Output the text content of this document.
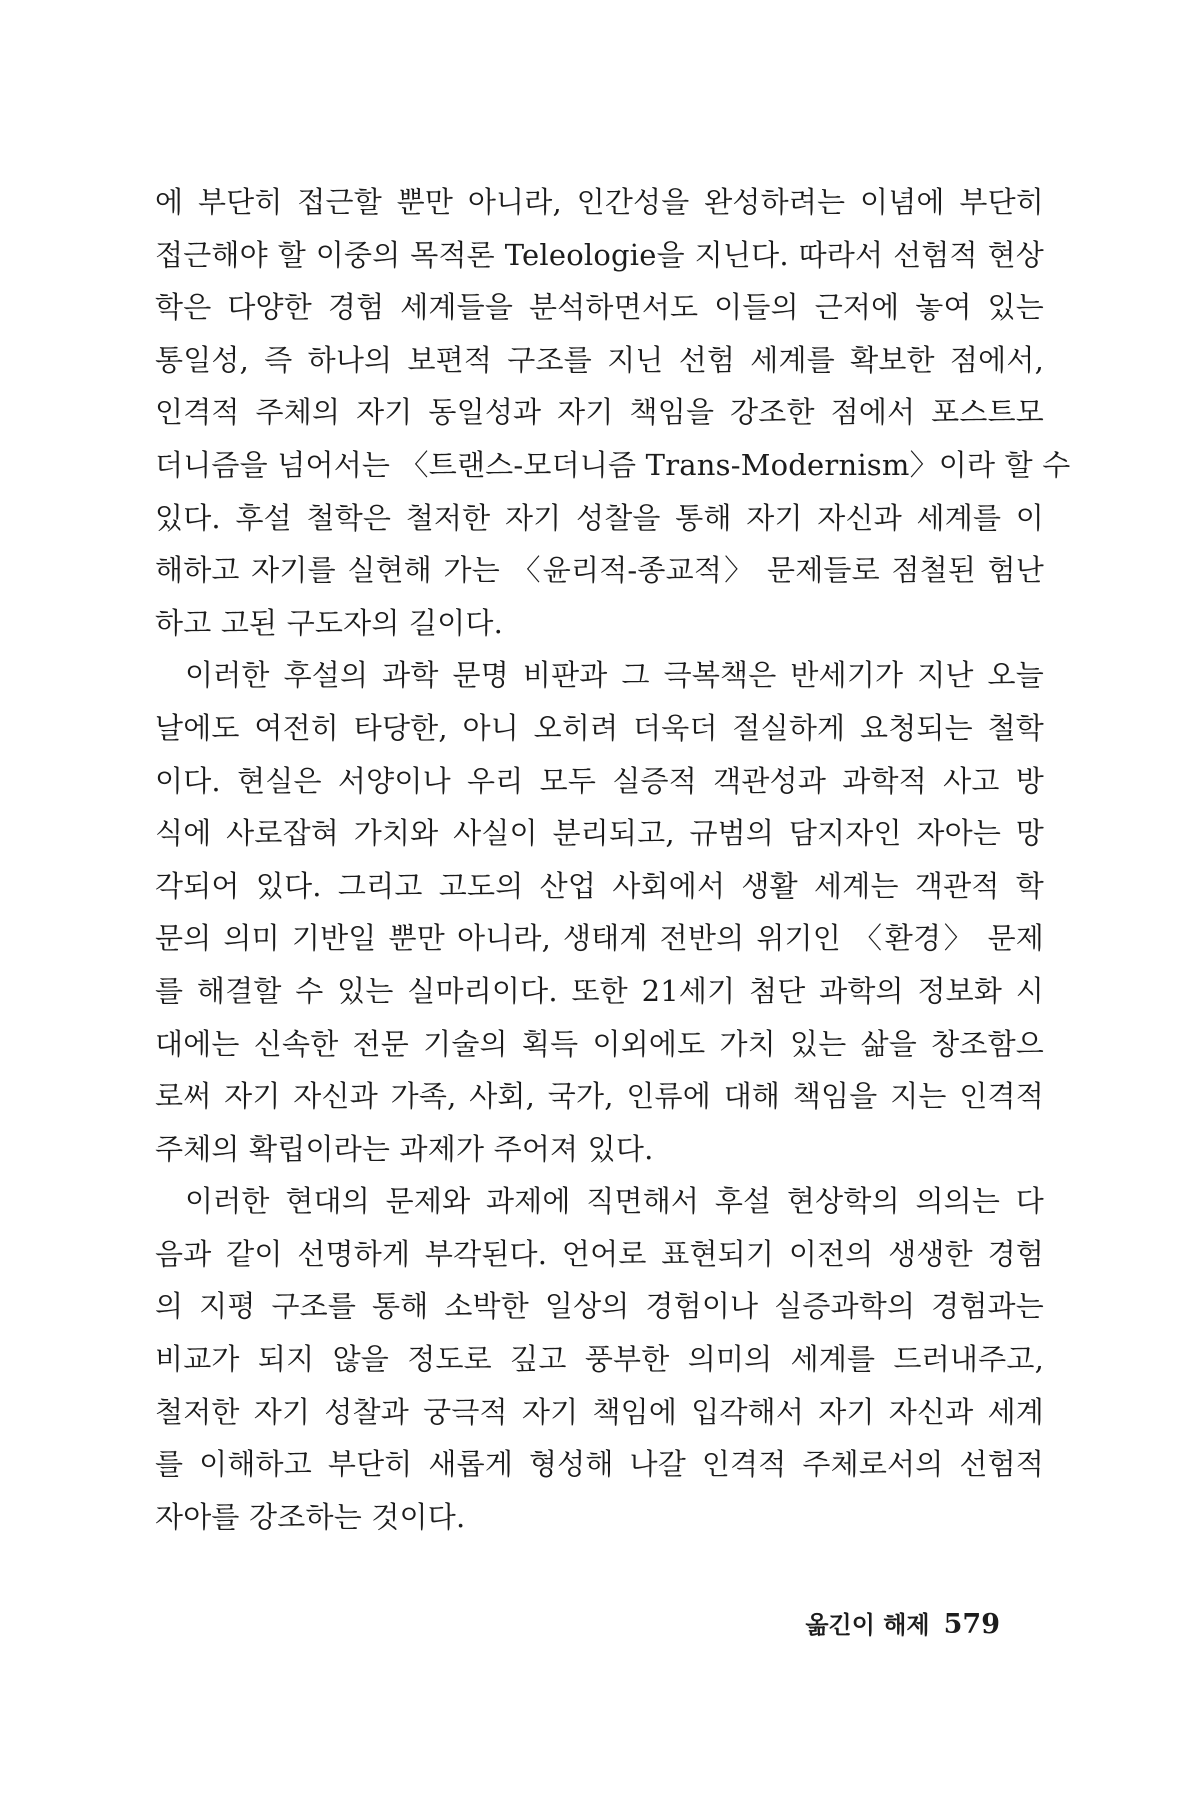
에 부단히 접근할 뿐만 아니라, 인간성을 완성하려는 이념에 부단히
접근해야 할 이중의 목적론 Teleologie을 지닌다. 따라서 선험적 현상
학은 다양한 경험 세계들을 분석하면서도 이들의 근저에 놓여 있는
통일성, 즉 하나의 보편적 구조를 지닌 선험 세계를 확보한 점에서,
인격적 주체의 자기 동일성과 자기 책임을 강조한 점에서 포스트모
더니즘을 넘어서는 〈트랜스-모더니즘 Trans-Modernism〉이라 할 수
있다. 후설 철학은 철저한 자기 성찰을 통해 자기 자신과 세계를 이
해하고 자기를 실현해 가는 〈윤리적-종교적〉 문제들로 점철된 험난
하고 고된 구도자의 길이다.
이러한 후설의 과학 문명 비판과 그 극복책은 반세기가 지난 오늘
날에도 여전히 타당한, 아니 오히려 더욱더 절실하게 요청되는 철학
이다. 현실은 서양이나 우리 모두 실증적 객관성과 과학적 사고 방
식에 사로잡혀 가치와 사실이 분리되고, 규범의 담지자인 자아는 망
각되어 있다. 그리고 고도의 산업 사회에서 생활 세계는 객관적 학
문의 의미 기반일 뿐만 아니라, 생태계 전반의 위기인 〈환경〉 문제
를 해결할 수 있는 실마리이다. 또한 21세기 첨단 과학의 정보화 시
대에는 신속한 전문 기술의 획득 이외에도 가치 있는 삶을 창조함으
로써 자기 자신과 가족, 사회, 국가, 인류에 대해 책임을 지는 인격적
주체의 확립이라는 과제가 주어져 있다.
이러한 현대의 문제와 과제에 직면해서 후설 현상학의 의의는 다
음과 같이 선명하게 부각된다. 언어로 표현되기 이전의 생생한 경험
의 지평 구조를 통해 소박한 일상의 경험이나 실증과학의 경험과는
비교가 되지 않을 정도로 깊고 풍부한 의미의 세계를 드러내주고,
철저한 자기 성찰과 궁극적 자기 책임에 입각해서 자기 자신과 세계
를 이해하고 부단히 새롭게 형성해 나갈 인격적 주체로서의 선험적
자아를 강조하는 것이다.
옮긴이 해제 579
